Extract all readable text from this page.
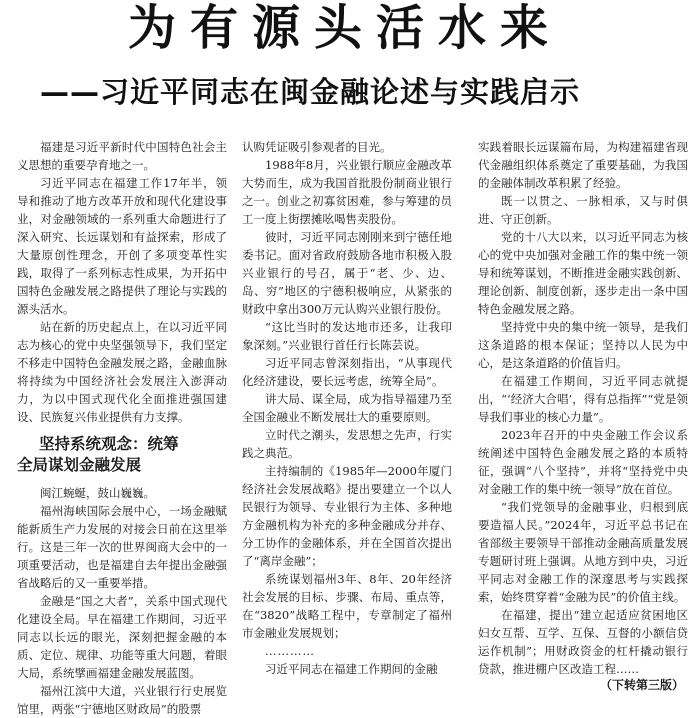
为有源头活水来
——习近平同志在闽金融论述与实践启示

福建是习近平新时代中国特色社会主义思想的重要孕育地之一。

习近平同志在福建工作17年半，领导和推动了地方改革开放和现代化建设事业，对金融领域的一系列重大命题进行了深入研究、长远谋划和有益探索，形成了大量原创性理念，开创了多项变革性实践，取得了一系列标志性成果，为开拓中国特色金融发展之路提供了理论与实践的源头活水。

站在新的历史起点上，在以习近平同志为核心的党中央坚强领导下，我们坚定不移走中国特色金融发展之路，金融血脉将持续为中国经济社会发展注入澎湃动力，为以中国式现代化全面推进强国建设、民族复兴伟业提供有力支撑。

坚持系统观念：统筹
全局谋划金融发展

闽江蜿蜒，鼓山巍巍。

福州海峡国际会展中心，一场金融赋能新质生产力发展的对接会日前在这里举行。这是三年一次的世界闽商大会中的一项重要活动，也是福建自去年提出金融强省战略后的又一重要举措。

金融是“国之大者”，关系中国式现代化建设全局。早在福建工作期间，习近平同志以长远的眼光，深刻把握金融的本质、定位、规律、功能等重大问题，着眼大局，系统擘画福建金融发展蓝图。

福州江滨中大道，兴业银行行史展览馆里，两张“宁德地区财政局”的股票

认购凭证吸引参观者的目光。

1988年8月，兴业银行顺应金融改革大势而生，成为我国首批股份制商业银行之一。创业之初寡贫困难，参与筹建的员工一度上街摆摊吆喝售卖股份。

彼时，习近平同志刚刚来到宁德任地委书记。面对省政府鼓励各地市积极入股兴业银行的号召，属于“老、少、边、岛、穷”地区的宁德积极响应，从紧张的财政中拿出300万元认购兴业银行股份。

“这比当时的发达地市还多，让我印象深刻。”兴业银行首任行长陈芸说。

习近平同志曾深刻指出，“从事现代化经济建设，要长远考虑，统筹全局”。

讲大局、谋全局，成为指导福建乃至全国金融业不断发展壮大的重要原则。

立时代之潮头，发思想之先声，行实践之典范。

主持编制的《1985年—2000年厦门经济社会发展战略》提出要建立一个以人民银行为领导、专业银行为主体、多种地方金融机构为补充的多种金融成分并存、分工协作的金融体系，并在全国首次提出了“离岸金融”；

系统谋划福州3年、8年、20年经济社会发展的目标、步骤、布局、重点等，在“3820”战略工程中，专章制定了福州市金融业发展规划；

…………

习近平同志在福建工作期间的金融

实践着眼长远谋篇布局，为构建福建省现代金融组织体系奠定了重要基础，为我国的金融体制改革积累了经验。

既一以贯之、一脉相承，又与时俱进、守正创新。

党的十八大以来，以习近平同志为核心的党中央加强对金融工作的集中统一领导和统筹谋划，不断推进金融实践创新、理论创新、制度创新，逐步走出一条中国特色金融发展之路。

坚持党中央的集中统一领导，是我们这条道路的根本保证；坚持以人民为中心，是这条道路的价值旨归。

在福建工作期间，习近平同志就提出，“‘经济大合唱’，得有总指挥”“党是领导我们事业的核心力量”。

2023年召开的中央金融工作会议系统阐述中国特色金融发展之路的本质特征，强调“八个坚持”，并将“坚持党中央对金融工作的集中统一领导”放在首位。

“我们党领导的金融事业，归根到底要造福人民。”2024年，习近平总书记在省部级主要领导干部推动金融高质量发展专题研讨班上强调。从地方到中央，习近平同志对金融工作的深邃思考与实践探索，始终贯穿着“金融为民”的价值主线。

在福建，提出“建立起适应贫困地区妇女互帮、互学、互保、互督的小额信贷运作机制”；用财政资金的杠杆撬动银行贷款，推进棚户区改造工程……

（下转第三版）
